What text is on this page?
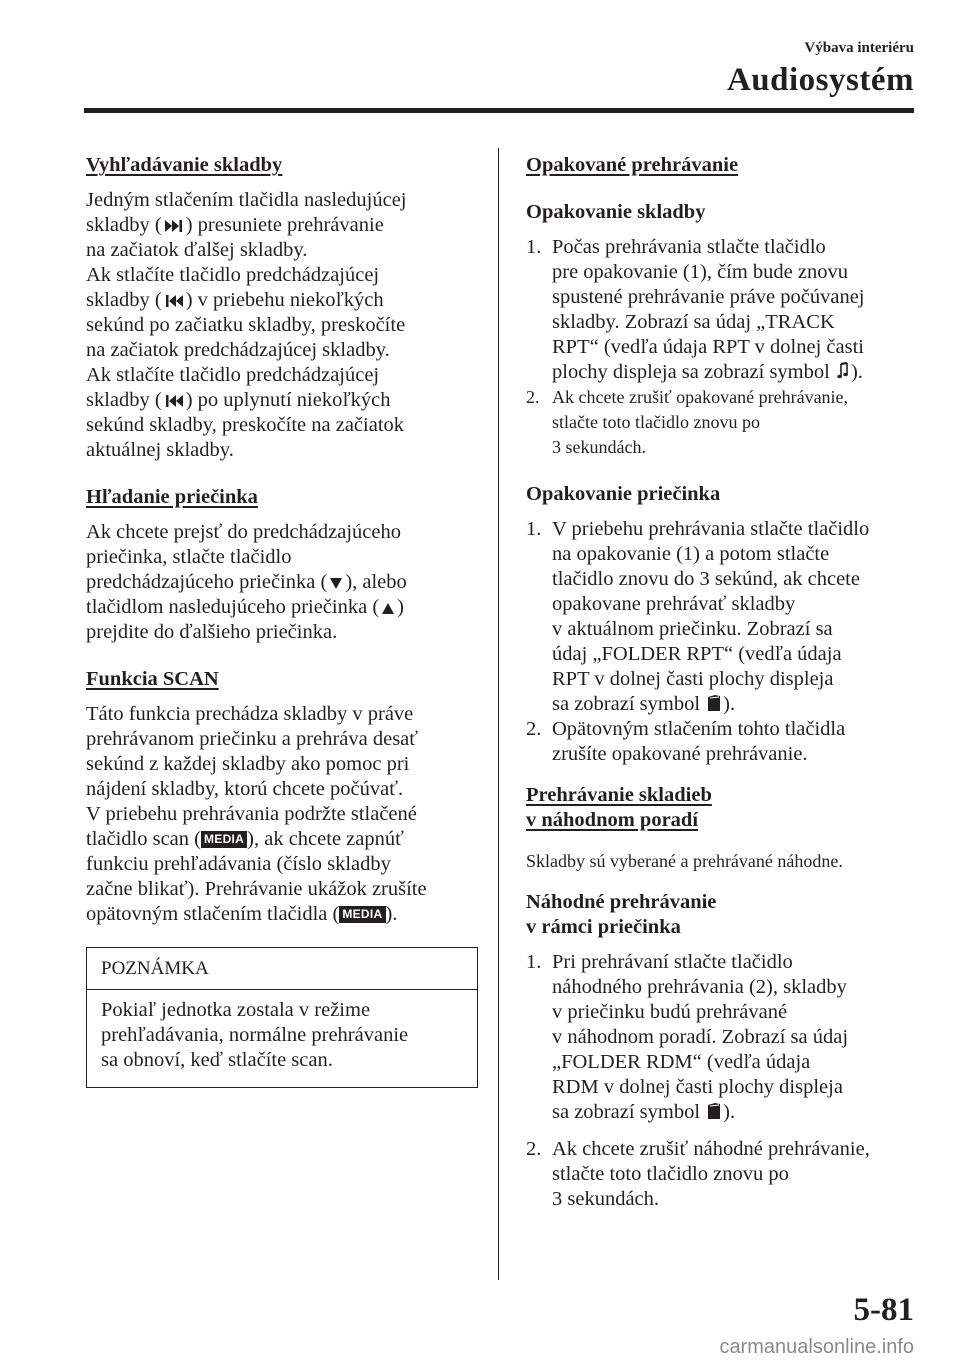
Výbava interiéru
Audiosystém
Vyhľadávanie skladby

Jedným stlačením tlačidla nasledujúcej

skladby ( ) presuniete prehrávanie

na začiatok ďalšej skladby.

Ak stlačíte tlačidlo predchádzajúcej

skladby ( ) v priebehu niekoľkých

sekúnd po začiatku skladby, preskočíte

na začiatok predchádzajúcej skladby.

Ak stlačíte tlačidlo predchádzajúcej

skladby ( ) po uplynutí niekoľkých

sekúnd skladby, preskočíte na začiatok

aktuálnej skladby.

Hľadanie priečinka

Ak chcete prejsť do predchádzajúceho

priečinka, stlačte tlačidlo

predchádzajúceho priečinka ( ), alebo

tlačidlom nasledujúceho priečinka ( )

prejdite do ďalšieho priečinka.

Funkcia SCAN

Táto funkcia prechádza skladby v práve

prehrávanom priečinku a prehráva desať

sekúnd z každej skladby ako pomoc pri

nájdení skladby, ktorú chcete počúvať.

V priebehu prehrávania podržte stlačené

tlačidlo scan ( MEDIA ), ak chcete zapnúť

funkciu prehľadávania (číslo skladby

začne blikať). Prehrávanie ukážok zrušíte

opätovným stlačením tlačidla ( MEDIA ).

POZNÁMKA

Pokiaľ jednotka zostala v režime

prehľadávania, normálne prehrávanie

sa obnoví, keď stlačíte scan.

Opakované prehrávanie
Opakovanie skladby
1. Počas prehrávania stlačte tlačidlo

pre opakovanie (1), čím bude znovu

spustené prehrávanie práve počúvanej

skladby. Zobrazí sa údaj „TRACK

RPT“ (vedľa údaja RPT v dolnej časti

plochy displeja sa zobrazí symbol ).

2. Ak chcete zrušiť opakované prehrávanie,

stlačte toto tlačidlo znovu po

3 sekundách.

Opakovanie priečinka
1. V priebehu prehrávania stlačte tlačidlo

na opakovanie (1) a potom stlačte

tlačidlo znovu do 3 sekúnd, ak chcete

opakovane prehrávať skladby

v aktuálnom priečinku. Zobrazí sa

údaj „FOLDER RPT“ (vedľa údaja

RPT v dolnej časti plochy displeja

sa zobrazí symbol ).

2. Opätovným stlačením tohto tlačidla

zrušíte opakované prehrávanie.

Prehrávanie skladieb

v náhodnom poradí

Skladby sú vyberané a prehrávané náhodne.

Náhodné prehrávanie

v rámci priečinka

1. Pri prehrávaní stlačte tlačidlo

náhodného prehrávania (2), skladby

v priečinku budú prehrávané

v náhodnom poradí. Zobrazí sa údaj

„FOLDER RDM“ (vedľa údaja

RDM v dolnej časti plochy displeja

sa zobrazí symbol ).

2. Ak chcete zrušiť náhodné prehrávanie,

stlačte toto tlačidlo znovu po

3 sekundách.

5-81
carmanualsonline.info
